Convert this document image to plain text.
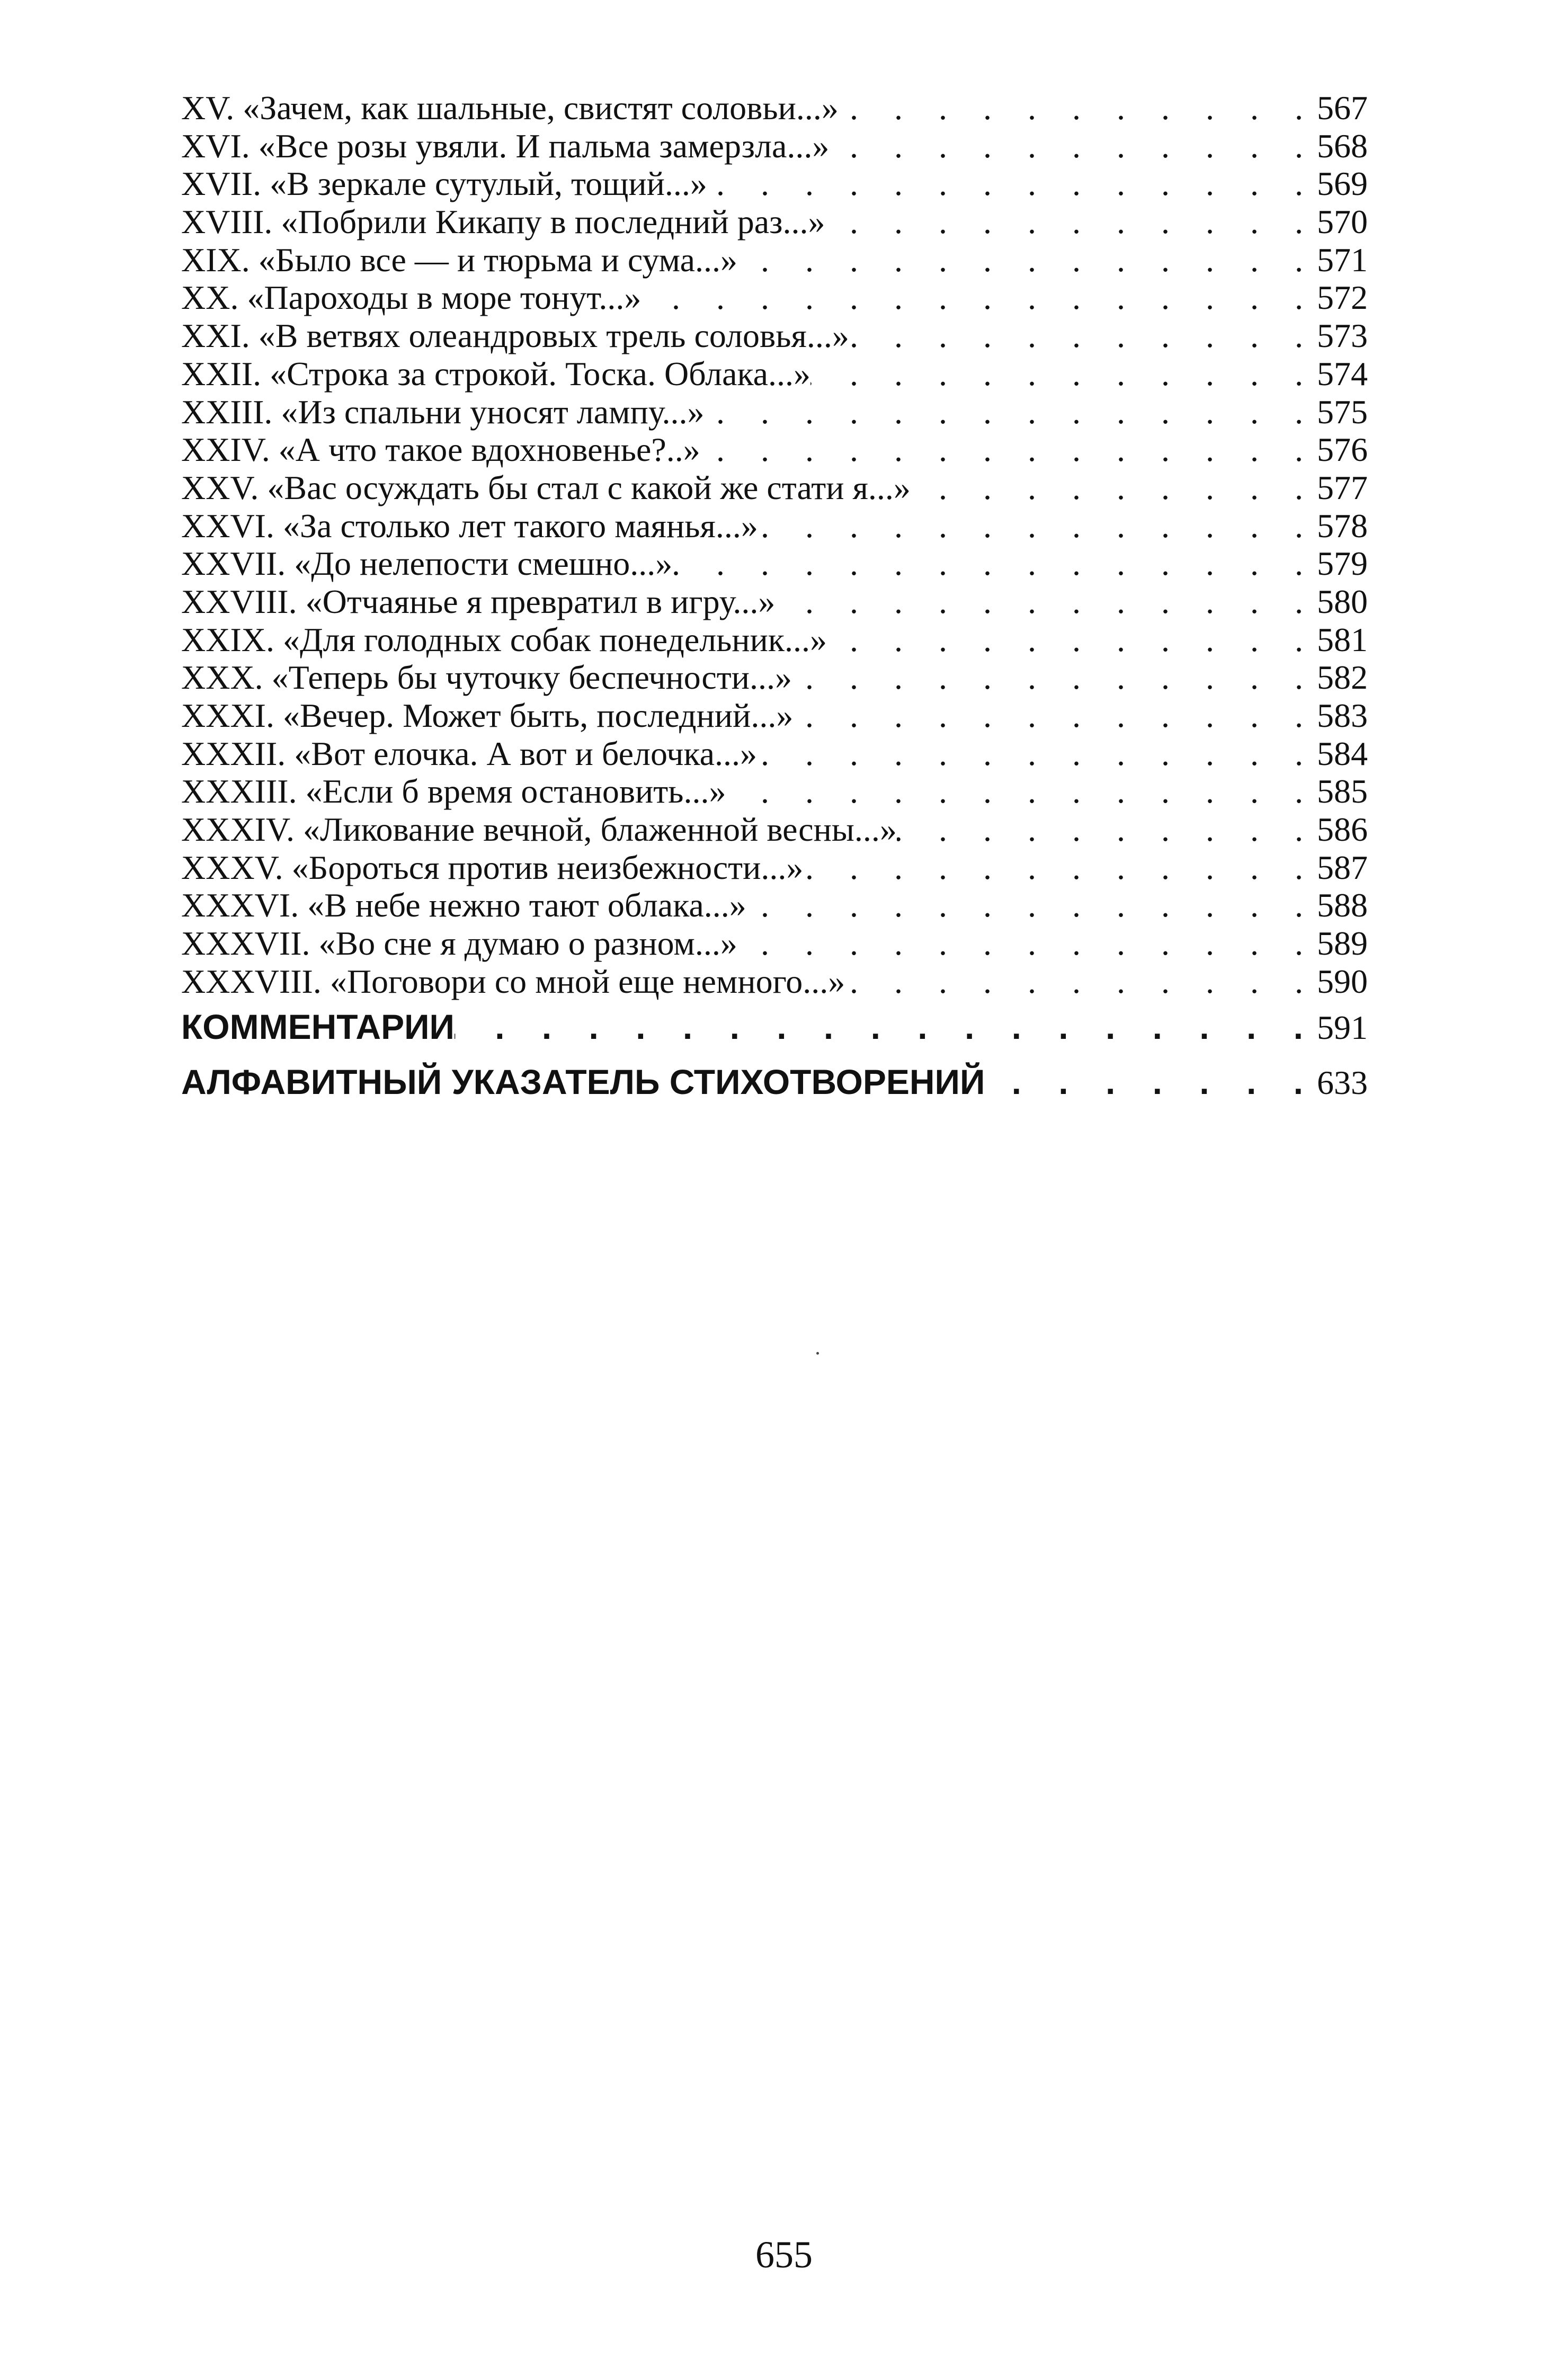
XV. «Зачем, как шальные, свистят соловьи...» . . .	567
XVI. «Все розы увяли. И пальма замерзла...» . . .	568
XVII. «В зеркале сутулый, тощий...» . . .	569
XVIII. «Побрили Кикапу в последний раз...» . . .	570
XIX. «Было все — и тюрьма и сума...» . . .	571
XX. «Пароходы в море тонут...» . . .	572
XXI. «В ветвях олеандровых трель соловья...» . . .	573
XXII. «Строка за строкой. Тоска. Облака...» . . .	574
XXIII. «Из спальни уносят лампу...» . . .	575
XXIV. «А что такое вдохновенье?..» . . .	576
XXV. «Вас осуждать бы стал с какой же стати я...» . . .	577
XXVI. «За столько лет такого маянья...» . . .	578
XXVII. «До нелепости смешно...» . . .	579
XXVIII. «Отчаянье я превратил в игру...» . . .	580
XXIX. «Для голодных собак понедельник...» . . .	581
XXX. «Теперь бы чуточку беспечности...» . . .	582
XXXI. «Вечер. Может быть, последний...» . . .	583
XXXII. «Вот елочка. А вот и белочка...» . . .	584
XXXIII. «Если б время остановить...» . . .	585
XXXIV. «Ликование вечной, блаженной весны...» . . .	586
XXXV. «Бороться против неизбежности...» . . .	587
XXXVI. «В небе нежно тают облака...» . . .	588
XXXVII. «Во сне я думаю о разном...» . . .	589
XXXVIII. «Поговори со мной еще немного...» . . .	590
КОММЕНТАРИИ . . .	591
АЛФАВИТНЫЙ УКАЗАТЕЛЬ СТИХОТВОРЕНИЙ . . .	633
655
